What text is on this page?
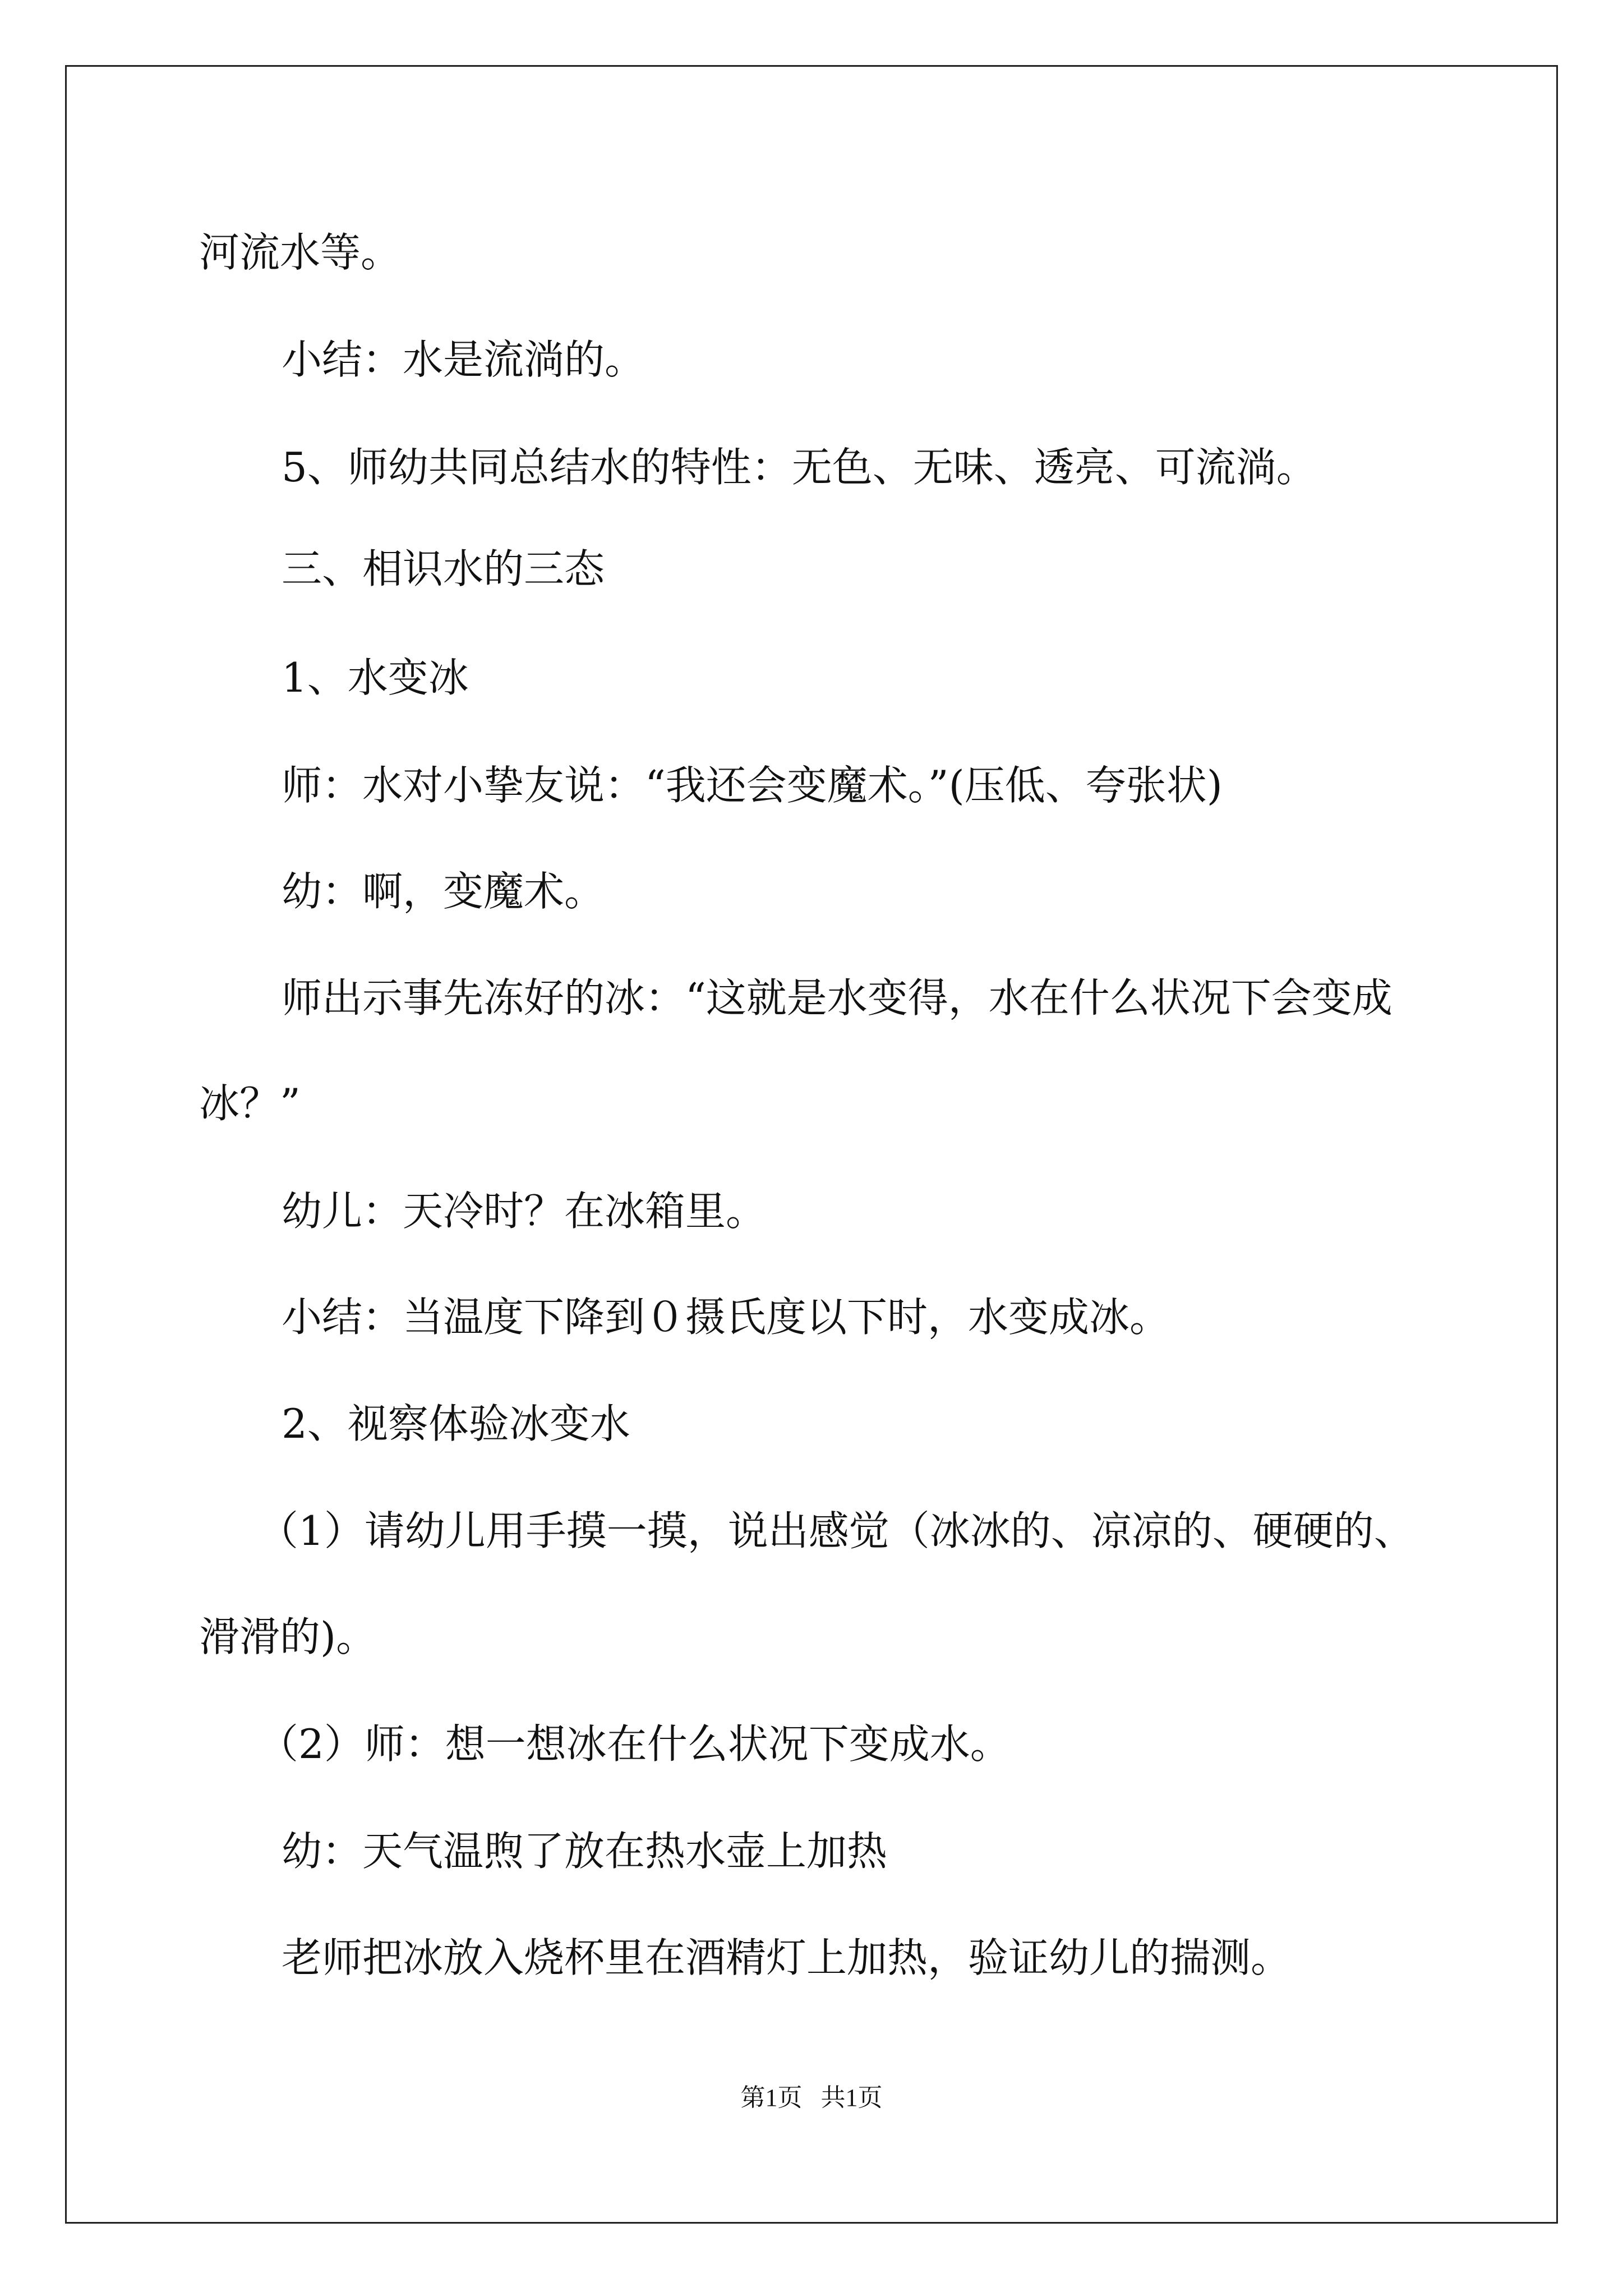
河流水等。

小结：水是流淌的。

5、师幼共同总结水的特性：无色、无味、透亮、可流淌。

三、相识水的三态

1、水变冰

师：水对小挚友说：“我还会变魔术。”(压低、夸张状)

幼：啊，变魔术。

师出示事先冻好的冰：“这就是水变得，水在什么状况下会变成

冰？”

幼儿：天冷时？在冰箱里。

小结：当温度下降到０摄氏度以下时，水变成冰。

2、视察体验冰变水

（1）请幼儿用手摸一摸，说出感觉（冰冰的、凉凉的、硬硬的、

滑滑的)。

（2）师：想一想冰在什么状况下变成水。

幼：天气温煦了放在热水壶上加热

老师把冰放入烧杯里在酒精灯上加热，验证幼儿的揣测。

第1页   共1页
